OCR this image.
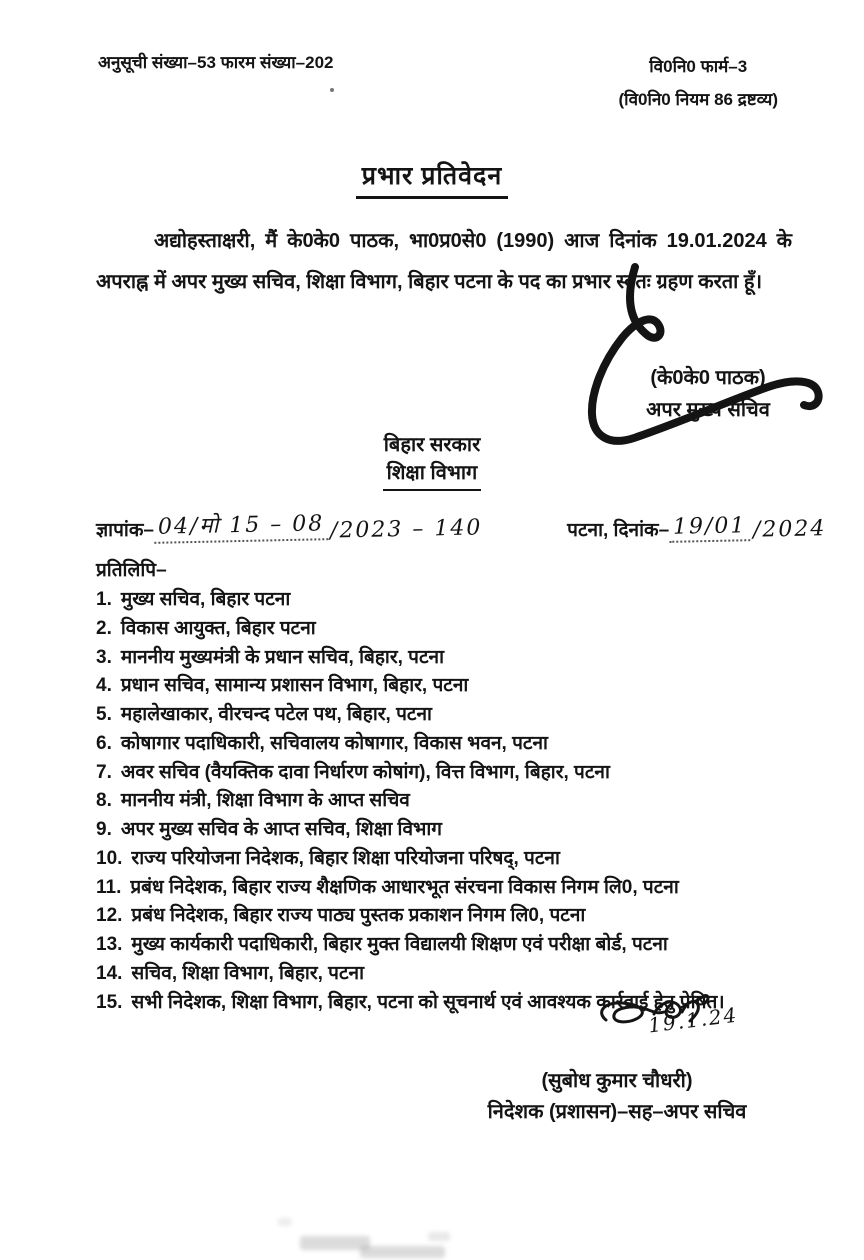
अनुसूची संख्या–53 फारम संख्या–202	वि0नि0 फार्म–3
(वि0नि0 नियम 86 द्रष्टव्य)
प्रभार प्रतिवेदन

अद्योहस्ताक्षरी, मैं के0के0 पाठक, भा0प्र0से0 (1990) आज दिनांक 19.01.2024 के अपराह्न में अपर मुख्य सचिव, शिक्षा विभाग, बिहार पटना के पद का प्रभार स्वतः ग्रहण करता हूँ।

(के0के0 पाठक)
अपर मुख्य सचिव
बिहार सरकार
शिक्षा विभाग
ज्ञापांक– 04/मो 15 – 08 /2023 – 140	पटना, दिनांक– 19/01 /2024
प्रतिलिपि–
1. मुख्य सचिव, बिहार पटना
2. विकास आयुक्त, बिहार पटना
3. माननीय मुख्यमंत्री के प्रधान सचिव, बिहार, पटना
4. प्रधान सचिव, सामान्य प्रशासन विभाग, बिहार, पटना
5. महालेखाकार, वीरचन्द पटेल पथ, बिहार, पटना
6. कोषागार पदाधिकारी, सचिवालय कोषागार, विकास भवन, पटना
7. अवर सचिव (वैयक्तिक दावा निर्धारण कोषांग), वित्त विभाग, बिहार, पटना
8. माननीय मंत्री, शिक्षा विभाग के आप्त सचिव
9. अपर मुख्य सचिव के आप्त सचिव, शिक्षा विभाग
10. राज्य परियोजना निदेशक, बिहार शिक्षा परियोजना परिषद्, पटना
11. प्रबंध निदेशक, बिहार राज्य शैक्षणिक आधारभूत संरचना विकास निगम लि0, पटना
12. प्रबंध निदेशक, बिहार राज्य पाठ्य पुस्तक प्रकाशन निगम लि0, पटना
13. मुख्य कार्यकारी पदाधिकारी, बिहार मुक्त विद्यालयी शिक्षण एवं परीक्षा बोर्ड, पटना
14. सचिव, शिक्षा विभाग, बिहार, पटना
15. सभी निदेशक, शिक्षा विभाग, बिहार, पटना को सूचनार्थ एवं आवश्यक कार्रवाई हेतु प्रेषित।
19.1.24
(सुबोध कुमार चौधरी)
निदेशक (प्रशासन)–सह–अपर सचिव
